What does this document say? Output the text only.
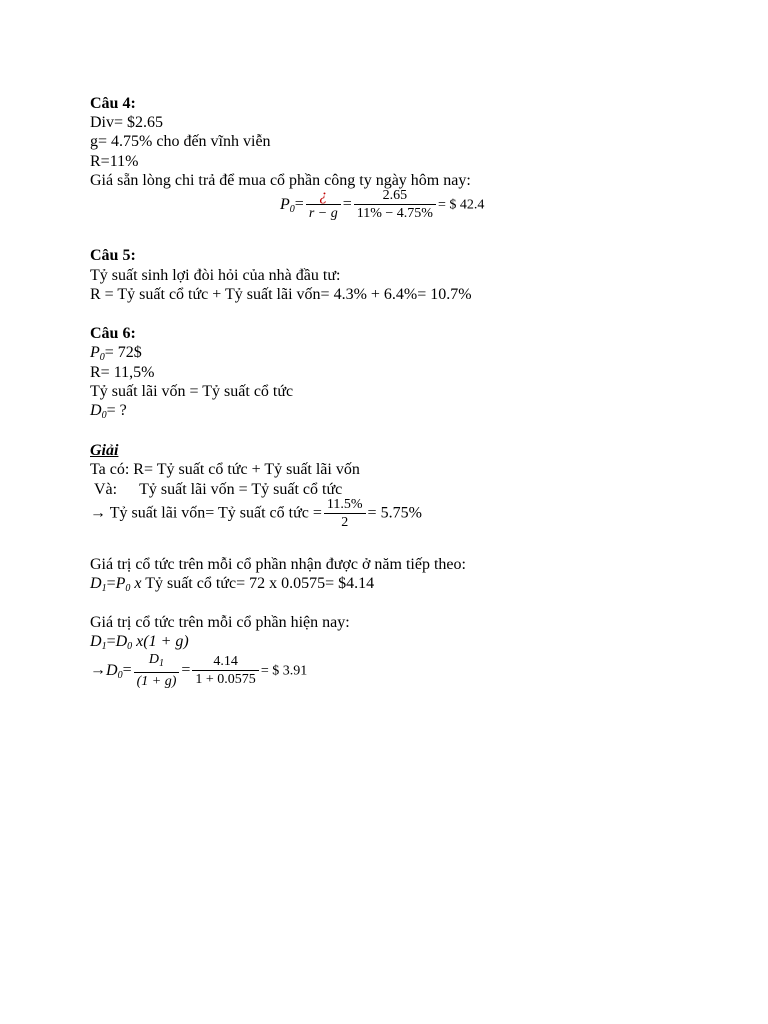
Câu 4:
Div= $2.65
g= 4.75% cho đến vĩnh viễn
R=11%
Giá sẵn lòng chi trả để mua cổ phần công ty ngày hôm nay:
$P_0= \frac{¿}{r - g} = \frac{2.65}{11\% - 4.75\%}$ = $ 42.4
Câu 5:
Tỷ suất sinh lợi đòi hỏi của nhà đầu tư:
R = Tỷ suất cổ tức + Tỷ suất lãi vốn= 4.3% + 6.4%= 10.7%
Câu 6:
$P_0=$ 72$
R= 11,5%
Tỷ suất lãi vốn = Tỷ suất cổ tức
$D_0=$ ?
Giải
Ta có: R= Tỷ suất cổ tức + Tỷ suất lãi vốn
Và: Tỷ suất lãi vốn = Tỷ suất cổ tức
→ Tỷ suất lãi vốn= Tỷ suất cổ tức = $\frac{11.5\%}{2} = 5.75\%$
Giá trị cổ tức trên mỗi cổ phần nhận được ở năm tiếp theo:
$D_1=P_0$ x Tỷ suất cổ tức= 72 x 0.0575= $4.14
Giá trị cổ tức trên mỗi cổ phần hiện nay:
$D_1=D_0$ x(1 + g)
$\to D_0= \frac{D_1}{(1 + g)} = \frac{4.14}{1 + 0.0575}$ = $ 3.91
